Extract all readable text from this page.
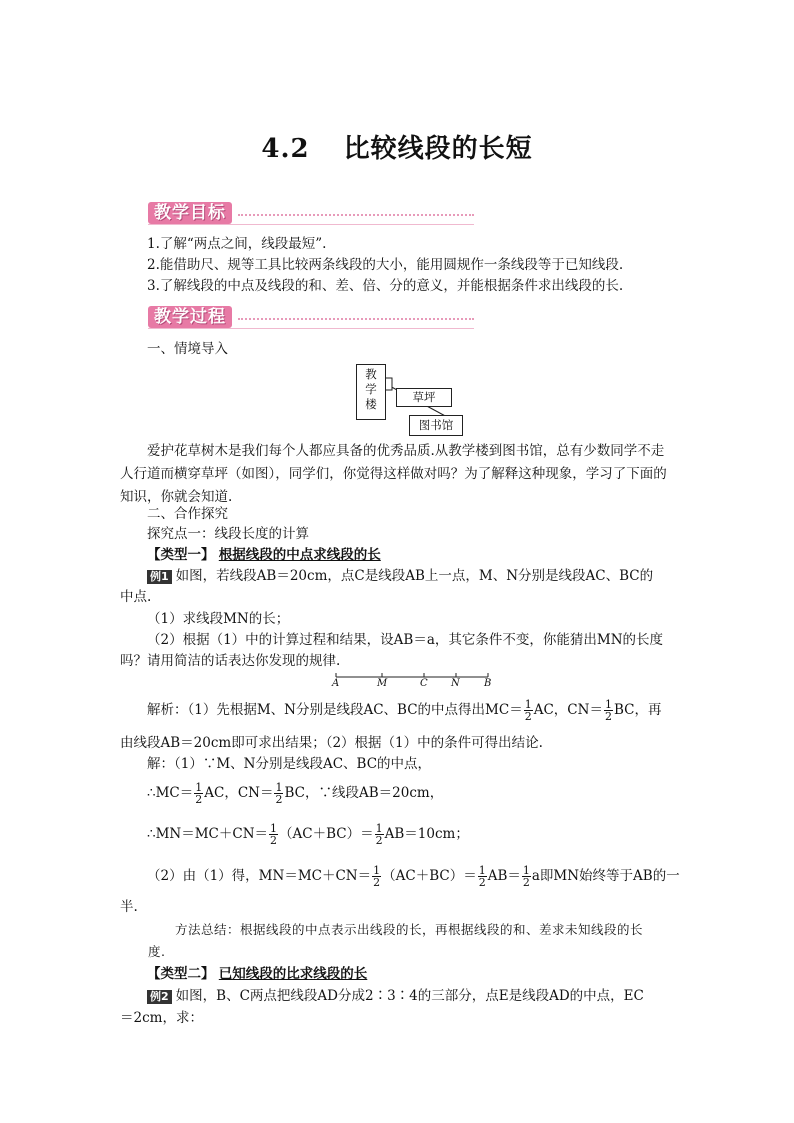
4.2 比较线段的长短
教学目标
1.了解“两点之间，线段最短”.
2.能借助尺、规等工具比较两条线段的大小，能用圆规作一条线段等于已知线段.
3.了解线段的中点及线段的和、差、倍、分的意义，并能根据条件求出线段的长.
教学过程
一、情境导入
教
学
楼	草坪
图书馆
爱护花草树木是我们每个人都应具备的优秀品质.从教学楼到图书馆，总有少数同学不走人行道而横穿草坪（如图），同学们，你觉得这样做对吗？为了解释这种现象，学习了下面的知识，你就会知道.
二、合作探究
探究点一：线段长度的计算
【类型一】 根据线段的中点求线段的长
例1 如图，若线段AB＝20cm，点C是线段AB上一点，M、N分别是线段AC、BC的
中点.
（1）求线段MN的长；
（2）根据（1）中的计算过程和结果，设AB＝a，其它条件不变，你能猜出MN的长度
吗？请用简洁的话表达你发现的规律.
A	M	C N B
解析：（1）先根据M、N分别是线段AC、BC的中点得出$MC= \frac{1}{2}$ AC，$CN= \frac{1}{2}$ BC，再
由线段AB＝20cm即可求出结果；（2）根据（1）中的条件可得出结论.
解：（1）∵M、N分别是线段AC、BC的中点，
∴MC＝ $\frac{1}{2}$ AC，$CN= \frac{1}{2}$ BC，∵线段AB＝20cm，
∴MN＝MC＋CN＝ $\frac{1}{2} (AC+BC)= \frac{1}{2} AB=10cm$；
（2）由（1）得，$MN=MC+CN= \frac{1}{2} (AC+BC)= \frac{1}{2} AB= \frac{1}{2}$ a即MN始终等于AB的一
半.
方法总结：根据线段的中点表示出线段的长，再根据线段的和、差求未知线段的长
度.
【类型二】 已知线段的比求线段的长
例2 如图，B、C两点把线段AD分成2∶3∶4的三部分，点E是线段AD的中点，EC
＝2cm，求：
